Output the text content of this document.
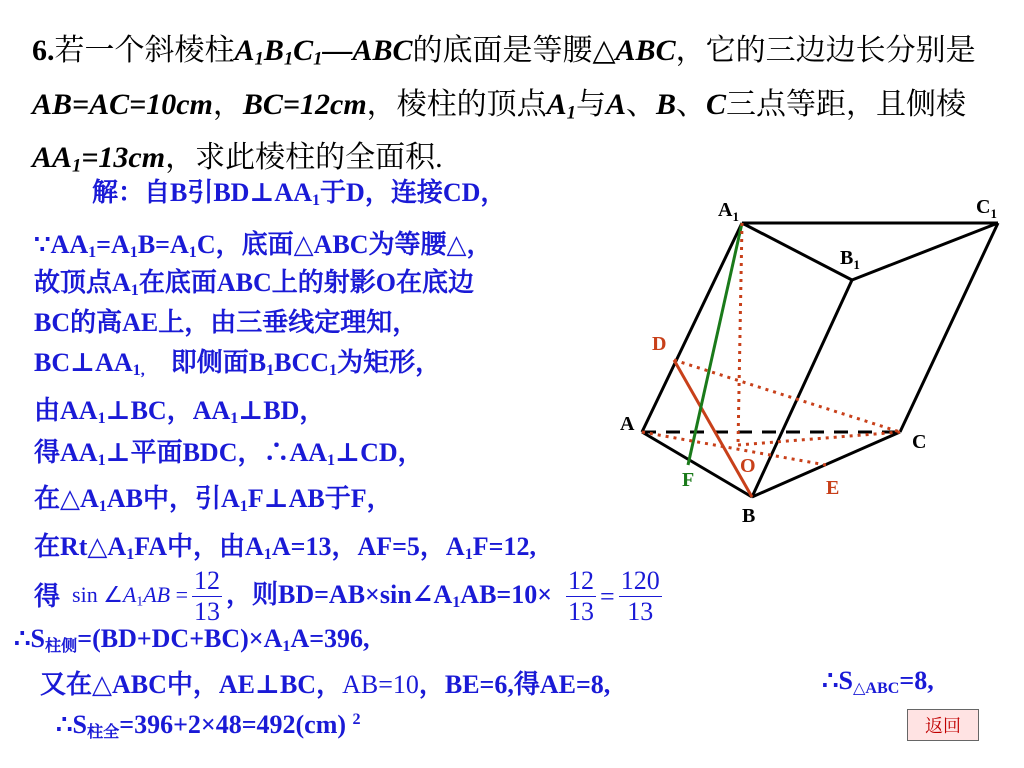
6.若一个斜棱柱$A_1B_1C_1—ABC$的底面是等腰△ABC，它的三边边长分别是AB=AC=10cm，BC=12cm，棱柱的顶点$A_1$与A、B、C三点等距，且侧棱$AA_1=13cm$，求此棱柱的全面积.
解：自B引$BD\perp AA_1$于D，连接CD，
$\because AA_1=A_1B=A_1C$，底面△ABC为等腰△，
故顶点$A_1$在底面ABC上的射影O在底边
BC的高AE上，由三垂线定理知，
$BC\perp AA_{1,}$　即侧面$B_1BCC_1$为矩形，
由$AA_1\perp BC$，$AA_1\perp BD$，
得$AA_1\perp$平面BDC，$\therefore AA_1\perp CD$，
在$\triangle A_1AB$中，引$A_1F\perp AB$于F，
在$Rt\triangle A_1FA$中，由$A_1A=13$，AF=5，$A_1F=12$,
得 $\sin \angle A_1AB = \frac{12}{13}$ ，则$BD=AB\times\sin\angle A_1AB=10\times \frac{12}{13} = \frac{120}{13}$
$\therefore S_{柱侧}=(BD+DC+BC)\times A_1A=396$,
又在△ABC中，AE⊥BC，AB=10，BE=6,得AE=8,	$\therefore S_{\triangle ABC}=8$,
$\therefore S_{柱全}=396+2\times 48=492(cm)$ $^2$
$A_1$	$C_1$
$B_1$
A
C
B
D
O
E
F
返回
